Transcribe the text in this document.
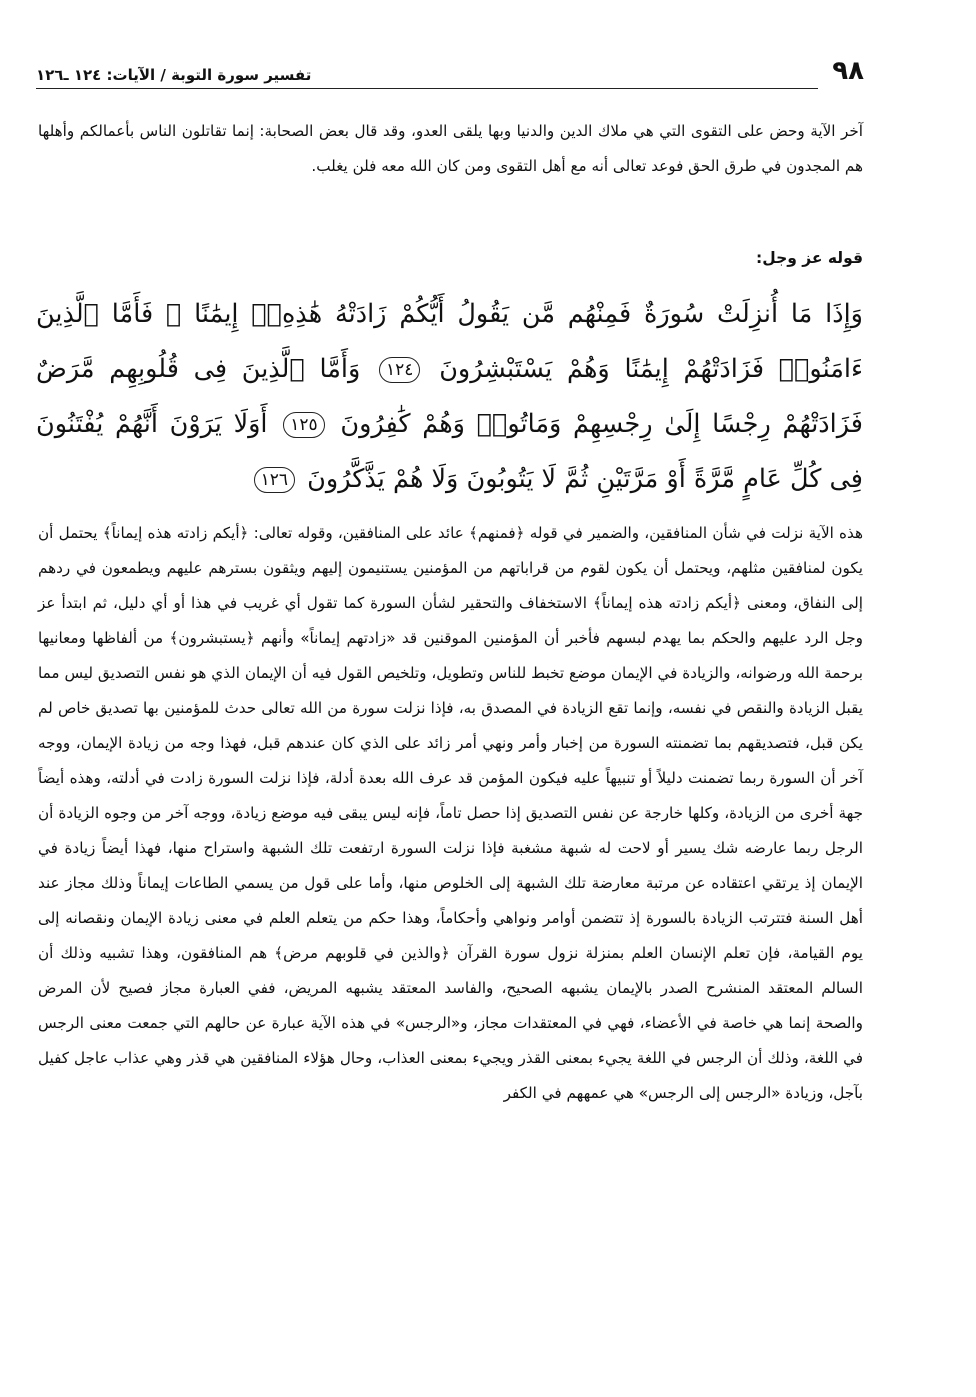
٩٨
تفسير سورة التوبة / الآيات: ١٢٤ ـ١٢٦

آخر الآية وحض على التقوى التي هي ملاك الدين والدنيا وبها يلقى العدو، وقد قال بعض الصحابة: إنما تقاتلون الناس بأعمالكم وأهلها هم المجدون في طرق الحق فوعد تعالى أنه مع أهل التقوى ومن كان الله معه فلن يغلب.

قوله عز وجل:
وَإِذَا مَا أُنزِلَتْ سُورَةٌ فَمِنْهُم مَّن يَقُولُ أَيُّكُمْ زَادَتْهُ هَٰذِهِۦٓ إِيمَٰنًا ۚ فَأَمَّا ٱلَّذِينَ ءَامَنُوا۟ فَزَادَتْهُمْ إِيمَٰنًا وَهُمْ يَسْتَبْشِرُونَ ١٢٤ وَأَمَّا ٱلَّذِينَ فِى قُلُوبِهِم مَّرَضٌ فَزَادَتْهُمْ رِجْسًا إِلَىٰ رِجْسِهِمْ وَمَاتُوا۟ وَهُمْ كَٰفِرُونَ ١٢٥ أَوَلَا يَرَوْنَ أَنَّهُمْ يُفْتَنُونَ فِى كُلِّ عَامٍ مَّرَّةً أَوْ مَرَّتَيْنِ ثُمَّ لَا يَتُوبُونَ وَلَا هُمْ يَذَّكَّرُونَ ١٢٦

هذه الآية نزلت في شأن المنافقين، والضمير في قوله ﴿فمنهم﴾ عائد على المنافقين، وقوله تعالى: ﴿أيكم زادته هذه إيماناً﴾ يحتمل أن يكون لمنافقين مثلهم، ويحتمل أن يكون لقوم من قراباتهم من المؤمنين يستنيمون إليهم ويثقون بسترهم عليهم ويطمعون في ردهم إلى النفاق، ومعنى ﴿أيكم زادته هذه إيماناً﴾ الاستخفاف والتحقير لشأن السورة كما تقول أي غريب في هذا أو أي دليل، ثم ابتدأ عز وجل الرد عليهم والحكم بما يهدم لبسهم فأخبر أن المؤمنين الموقنين قد «زادتهم إيماناً» وأنهم ﴿يستبشرون﴾ من ألفاظها ومعانيها برحمة الله ورضوانه، والزيادة في الإيمان موضع تخبط للناس وتطويل، وتلخيص القول فيه أن الإيمان الذي هو نفس التصديق ليس مما يقبل الزيادة والنقص في نفسه، وإنما تقع الزيادة في المصدق به، فإذا نزلت سورة من الله تعالى حدث للمؤمنين بها تصديق خاص لم يكن قبل، فتصديقهم بما تضمنته السورة من إخبار وأمر ونهي أمر زائد على الذي كان عندهم قبل، فهذا وجه من زيادة الإيمان، ووجه آخر أن السورة ربما تضمنت دليلاً أو تنبيهاً عليه فيكون المؤمن قد عرف الله بعدة أدلة، فإذا نزلت السورة زادت في أدلته، وهذه أيضاً جهة أخرى من الزيادة، وكلها خارجة عن نفس التصديق إذا حصل تاماً، فإنه ليس يبقى فيه موضع زيادة، ووجه آخر من وجوه الزيادة أن الرجل ربما عارضه شك يسير أو لاحت له شبهة مشغبة فإذا نزلت السورة ارتفعت تلك الشبهة واستراح منها، فهذا أيضاً زيادة في الإيمان إذ يرتقي اعتقاده عن مرتبة معارضة تلك الشبهة إلى الخلوص منها، وأما على قول من يسمي الطاعات إيماناً وذلك مجاز عند أهل السنة فتترتب الزيادة بالسورة إذ تتضمن أوامر ونواهي وأحكاماً، وهذا حكم من يتعلم العلم في معنى زيادة الإيمان ونقصانه إلى يوم القيامة، فإن تعلم الإنسان العلم بمنزلة نزول سورة القرآن ﴿والذين في قلوبهم مرض﴾ هم المنافقون، وهذا تشبيه وذلك أن السالم المعتقد المنشرح الصدر بالإيمان يشبهه الصحيح، والفاسد المعتقد يشبهه المريض، ففي العبارة مجاز فصيح لأن المرض والصحة إنما هي خاصة في الأعضاء، فهي في المعتقدات مجاز، و«الرجس» في هذه الآية عبارة عن حالهم التي جمعت معنى الرجس في اللغة، وذلك أن الرجس في اللغة يجيء بمعنى القذر ويجيء بمعنى العذاب، وحال هؤلاء المنافقين هي قذر وهي عذاب عاجل كفيل بآجل، وزيادة «الرجس إلى الرجس» هي عمههم في الكفر
